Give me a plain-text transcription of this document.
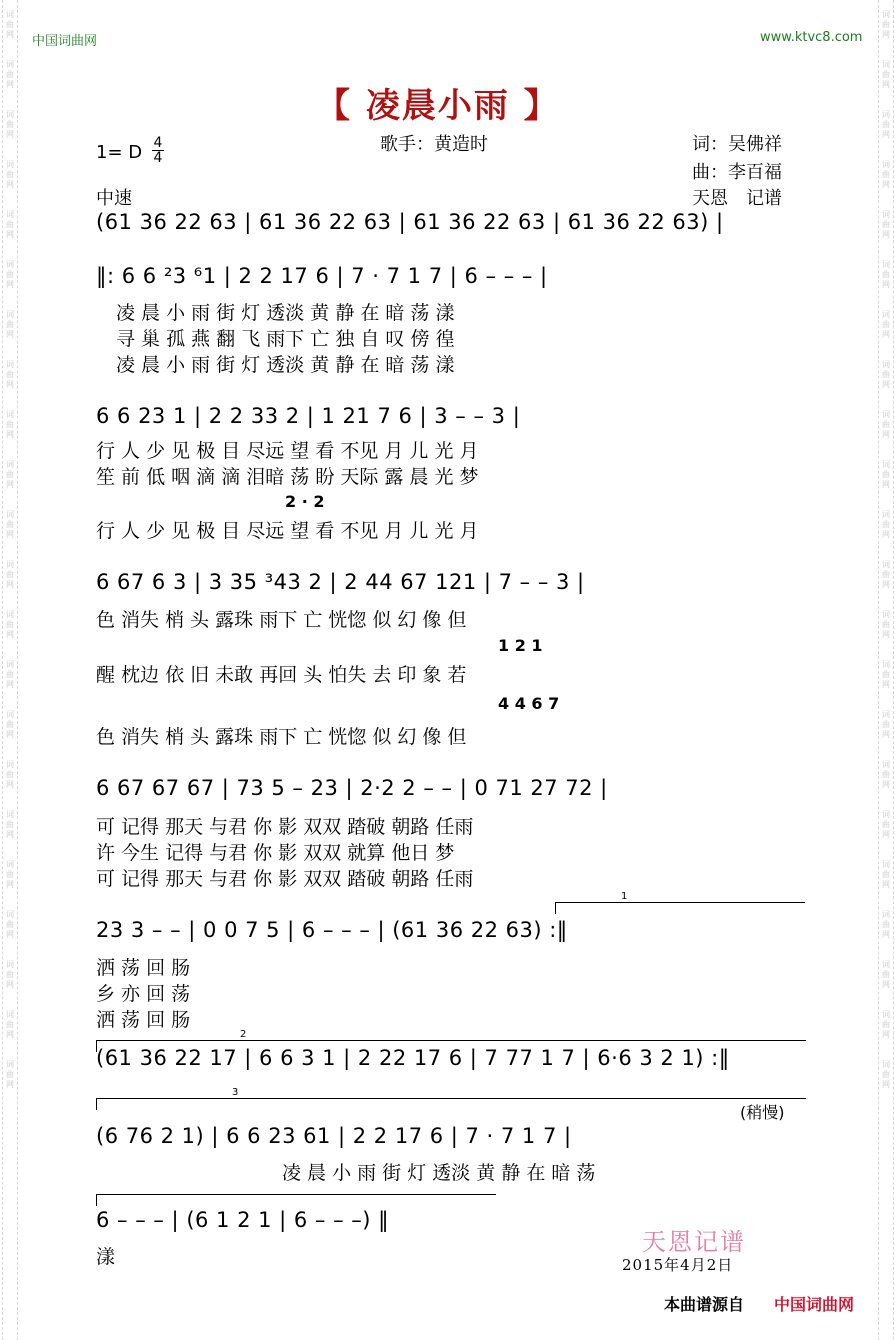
词
曲
网
词
曲
网
词
曲
网
词
曲
网
词
曲
网
词
曲
网
词
曲
网
词
曲
网
词
曲
网
词
曲
网
词
曲
网
词
曲
网
词
曲
网
词
曲
网
词
曲
网
词
曲
网
词
曲
网
词
曲
网
词
曲
网
词
曲
网
词
曲
网
词
曲
网
词
曲
网
词
曲
网
词
曲
网
词
曲
网
词
曲
网
词
曲
网
词
曲
网
词
曲
网
词
曲
网
词
曲
网
词
曲
网
词
曲
网
词
曲
网
词
曲
网
词
曲
网
词
曲
网
词
曲
网
词
曲
网
词
曲
网
词
曲
网
词
曲
网
词
曲
网
中国词曲网	www.ktvc8.com
【 凌晨小雨 】
歌手：黄造时
1= D 4
4
词：吴佛祥
曲：李百福
中速	天恩　记谱
(61 36 22 63 | 61 36 22 63 | 61 36 22 63 | 61 36 22 63) |
‖: 6 6 ²3 ⁶1 | 2 2 17 6 | 7 · 7 1 7 | 6 – – – |
凌 晨 小 雨 街 灯 透淡 黄 静 在 暗 荡 漾
寻 巢 孤 燕 翻 飞 雨下 亡 独 自 叹 傍 徨
凌 晨 小 雨 街 灯 透淡 黄 静 在 暗 荡 漾
6 6 23 1 | 2 2 33 2 | 1 21 7 6 | 3 – – 3 |
行 人 少 见 极 目 尽远 望 看 不见 月 儿 光 月
笙 前 低 咽 滴 滴 泪暗 荡 盼 天际 露 晨 光 梦
2 · 2
行 人 少 见 极 目 尽远 望 看 不见 月 儿 光 月
6 67 6 3 | 3 35 ³43 2 | 2 44 67 121 | 7 – – 3 |
色 消失 梢 头 露珠 雨下 亡 恍惚 似 幻 像 但
1 2 1
醒 枕边 依 旧 未敢 再回 头 怕失 去 印 象 若
4 4 6 7
色 消失 梢 头 露珠 雨下 亡 恍惚 似 幻 像 但
6 67 67 67 | 73 5 – 23 | 2·2 2 – – | 0 71 27 72 |
可 记得 那天 与君 你 影 双双 踏破 朝路 任雨
许 今生 记得 与君 你 影 双双 就算 他日 梦
可 记得 那天 与君 你 影 双双 踏破 朝路 任雨
1
23 3 – – | 0 0 7 5 | 6 – – – | (61 36 22 63) :‖
洒 荡 回 肠
乡 亦 回 荡
洒 荡 回 肠
2
(61 36 22 17 | 6 6 3 1 | 2 22 17 6 | 7 77 1 7 | 6·6 3 2 1) :‖
3
(稍慢)
(6 76 2 1) | 6 6 23 61 | 2 2 17 6 | 7 · 7 1 7 |
凌 晨 小 雨 街 灯 透淡 黄 静 在 暗 荡
6 – – – | (6 1 2 1 | 6 – – –) ‖
漾
天恩记谱
2015年4月2日
本曲谱源自 中国词曲网
